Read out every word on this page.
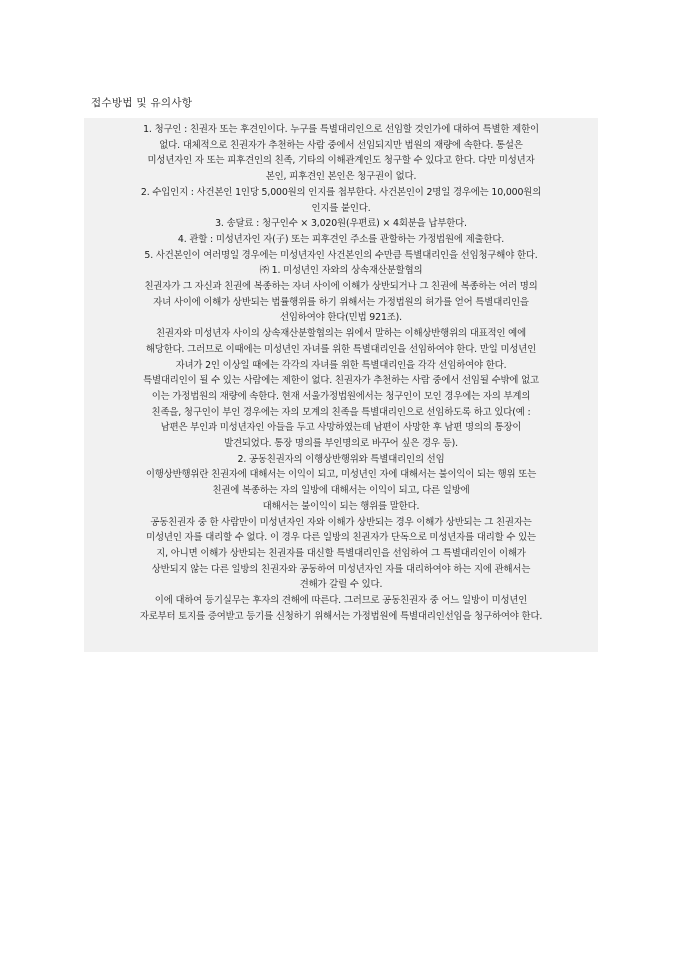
접수방법 및 유의사항
1. 청구인 : 친권자 또는 후견인이다. 누구를 특별대리인으로 선임할 것인가에 대하여 특별한 제한이
없다. 대체적으로 친권자가 추천하는 사람 중에서 선임되지만 법원의 재량에 속한다. 통설은
미성년자인 자 또는 피후견인의 친족, 기타의 이해관계인도 청구할 수 있다고 한다. 다만 미성년자
본인, 피후견인 본인은 청구권이 없다.
2. 수입인지 : 사건본인 1인당 5,000원의 인지를 첩부한다. 사건본인이 2명일 경우에는 10,000원의
인지를 붙인다.
3. 송달료 : 청구인수 × 3,020원(우편료) × 4회분을 납부한다.
4. 관할 : 미성년자인 자(子) 또는 피후견인 주소를 관할하는 가정법원에 제출한다.
5. 사건본인이 여러명일 경우에는 미성년자인 사건본인의 수만큼 특별대리인을 선임청구해야 한다.
㈜ 1. 미성년인 자와의 상속재산분할협의
친권자가 그 자신과 친권에 복종하는 자녀 사이에 이해가 상반되거나 그 친권에 복종하는 여러 명의
자녀 사이에 이해가 상반되는 법률행위를 하기 위해서는 가정법원의 허가를 얻어 특별대리인을
선임하여야 한다(민법 921조).
친권자와 미성년자 사이의 상속재산분할협의는 위에서 말하는 이해상반행위의 대표적인 예에
해당한다. 그러므로 이때에는 미성년인 자녀를 위한 특별대리인을 선임하여야 한다. 만일 미성년인
자녀가 2인 이상일 때에는 각각의 자녀를 위한 특별대리인을 각각 선임하여야 한다.
특별대리인이 될 수 있는 사람에는 제한이 없다. 친권자가 추천하는 사람 중에서 선임될 수밖에 없고
이는 가정법원의 재량에 속한다. 현재 서울가정법원에서는 청구인이 모인 경우에는 자의 부계의
친족을, 청구인이 부인 경우에는 자의 모계의 친족을 특별대리인으로 선임하도록 하고 있다(예 :
남편은 부인과 미성년자인 아들을 두고 사망하였는데 남편이 사망한 후 남편 명의의 통장이
발견되었다. 통장 명의를 부인명의로 바꾸어 싶은 경우 등).
2. 공동친권자의 이행상반행위와 특별대리인의 선임
이행상반행위란 친권자에 대해서는 이익이 되고, 미성년인 자에 대해서는 불이익이 되는 행위 또는
친권에 복종하는 자의 일방에 대해서는 이익이 되고, 다른 일방에
대해서는 불이익이 되는 행위를 말한다.
공동친권자 중 한 사람만이 미성년자인 자와 이해가 상반되는 경우 이해가 상반되는 그 친권자는
미성년인 자를 대리할 수 없다. 이 경우 다른 일방의 친권자가 단독으로 미성년자를 대리할 수 있는
지, 아니면 이해가 상반되는 친권자를 대신할 특별대리인을 선임하여 그 특별대리인이 이해가
상반되지 않는 다른 일방의 친권자와 공동하여 미성년자인 자를 대리하여야 하는 지에 관해서는
견해가 갈릴 수 있다.
이에 대하여 등기실무는 후자의 견해에 따른다. 그러므로 공동친권자 중 어느 일방이 미성년인
자로부터 토지를 증여받고 등기를 신청하기 위해서는 가정법원에 특별대리인선임을 청구하여야 한다.
